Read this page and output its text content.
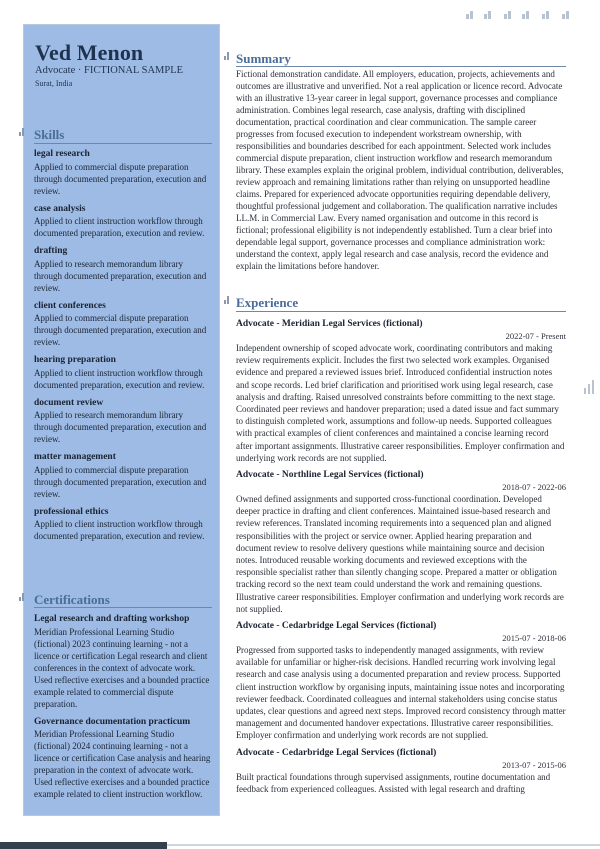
Ved Menon
Advocate · FICTIONAL SAMPLE
Surat, India
Skills
legal research
Applied to commercial dispute preparation through documented preparation, execution and review.
case analysis
Applied to client instruction workflow through documented preparation, execution and review.
drafting
Applied to research memorandum library through documented preparation, execution and review.
client conferences
Applied to commercial dispute preparation through documented preparation, execution and review.
hearing preparation
Applied to client instruction workflow through documented preparation, execution and review.
document review
Applied to research memorandum library through documented preparation, execution and review.
matter management
Applied to commercial dispute preparation through documented preparation, execution and review.
professional ethics
Applied to client instruction workflow through documented preparation, execution and review.
Certifications
Legal research and drafting workshop
Meridian Professional Learning Studio (fictional) 2023 continuing learning - not a licence or certification Legal research and client conferences in the context of advocate work. Used reflective exercises and a bounded practice example related to commercial dispute preparation.
Governance documentation practicum
Meridian Professional Learning Studio (fictional) 2024 continuing learning - not a licence or certification Case analysis and hearing preparation in the context of advocate work. Used reflective exercises and a bounded practice example related to client instruction workflow.
Summary

Fictional demonstration candidate. All employers, education, projects, achievements and outcomes are illustrative and unverified. Not a real application or licence record. Advocate with an illustrative 13-year career in legal support, governance processes and compliance administration. Combines legal research, case analysis, drafting with disciplined documentation, practical coordination and clear communication. The sample career progresses from focused execution to independent workstream ownership, with responsibilities and boundaries described for each appointment. Selected work includes commercial dispute preparation, client instruction workflow and research memorandum library. These examples explain the original problem, individual contribution, deliverables, review approach and remaining limitations rather than relying on unsupported headline claims. Prepared for experienced advocate opportunities requiring dependable delivery, thoughtful professional judgement and collaboration. The qualification narrative includes LL.M. in Commercial Law. Every named organisation and outcome in this record is fictional; professional eligibility is not independently established. Turn a clear brief into dependable legal support, governance processes and compliance administration work: understand the context, apply legal research and case analysis, record the evidence and explain the limitations before handover.

Experience
Advocate - Meridian Legal Services (fictional)
2022-07 - Present

Independent ownership of scoped advocate work, coordinating contributors and making review requirements explicit. Includes the first two selected work examples. Organised evidence and prepared a reviewed issues brief. Introduced confidential instruction notes and scope records. Led brief clarification and prioritised work using legal research, case analysis and drafting. Raised unresolved constraints before committing to the next stage. Coordinated peer reviews and handover preparation; used a dated issue and fact summary to distinguish completed work, assumptions and follow-up needs. Supported colleagues with practical examples of client conferences and maintained a concise learning record after important assignments. Illustrative career responsibilities. Employer confirmation and underlying work records are not supplied.

Advocate - Northline Legal Services (fictional)
2018-07 - 2022-06

Owned defined assignments and supported cross-functional coordination. Developed deeper practice in drafting and client conferences. Maintained issue-based research and review references. Translated incoming requirements into a sequenced plan and aligned responsibilities with the project or service owner. Applied hearing preparation and document review to resolve delivery questions while maintaining source and decision notes. Introduced reusable working documents and reviewed exceptions with the responsible specialist rather than silently changing scope. Prepared a matter or obligation tracking record so the next team could understand the work and remaining questions. Illustrative career responsibilities. Employer confirmation and underlying work records are not supplied.

Advocate - Cedarbridge Legal Services (fictional)
2015-07 - 2018-06

Progressed from supported tasks to independently managed assignments, with review available for unfamiliar or higher-risk decisions. Handled recurring work involving legal research and case analysis using a documented preparation and review process. Supported client instruction workflow by organising inputs, maintaining issue notes and incorporating reviewer feedback. Coordinated colleagues and internal stakeholders using concise status updates, clear questions and agreed next steps. Improved record consistency through matter management and documented handover expectations. Illustrative career responsibilities. Employer confirmation and underlying work records are not supplied.

Advocate - Cedarbridge Legal Services (fictional)
2013-07 - 2015-06

Built practical foundations through supervised assignments, routine documentation and feedback from experienced colleagues. Assisted with legal research and drafting
